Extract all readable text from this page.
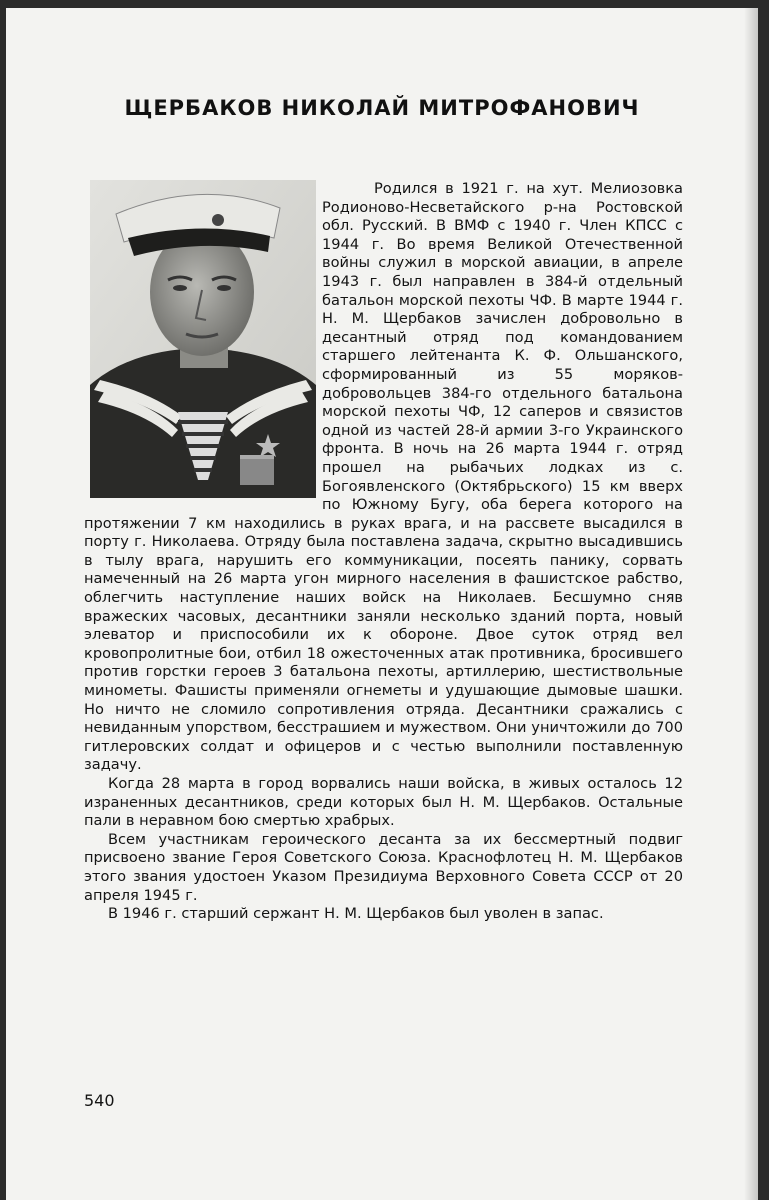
ЩЕРБАКОВ НИКОЛАЙ МИТРОФАНОВИЧ

Родился в 1921 г. на хут. Мелиозовка Родионово-Несветайского р-на Ростовской обл. Русский. В ВМФ с 1940 г. Член КПСС с 1944 г. Во время Великой Отечественной войны служил в морской авиации, в апреле 1943 г. был направлен в 384-й отдельный батальон морской пехоты ЧФ. В марте 1944 г. Н. М. Щербаков зачислен добровольно в десантный отряд под командованием старшего лейтенанта К. Ф. Ольшанского, сформированный из 55 моряков-добровольцев 384-го отдельного батальона морской пехоты ЧФ, 12 саперов и связистов одной из частей 28-й армии 3-го Украинского фронта. В ночь на 26 марта 1944 г. отряд прошел на рыбачьих лодках из с. Богоявленского (Октябрьского) 15 км вверх по Южному Бугу, оба берега которого на протяжении 7 км находились в руках врага, и на рассвете высадился в порту г. Николаева. Отряду была поставлена задача, скрытно высадившись в тылу врага, нарушить его коммуникации, посеять панику, сорвать намеченный на 26 марта угон мирного населения в фашистское рабство, облегчить наступление наших войск на Николаев. Бесшумно сняв вражеских часовых, десантники заняли несколько зданий порта, новый элеватор и приспособили их к обороне. Двое суток отряд вел кровопролитные бои, отбил 18 ожесточенных атак противника, бросившего против горстки героев 3 батальона пехоты, артиллерию, шестиствольные минометы. Фашисты применяли огнеметы и удушающие дымовые шашки. Но ничто не сломило сопротивления отряда. Десантники сражались с невиданным упорством, бесстрашием и мужеством. Они уничтожили до 700 гитлеровских солдат и офицеров и с честью выполнили поставленную задачу.

Когда 28 марта в город ворвались наши войска, в живых осталось 12 израненных десантников, среди которых был Н. М. Щербаков. Остальные пали в неравном бою смертью храбрых.

Всем участникам героического десанта за их бессмертный подвиг присвоено звание Героя Советского Союза. Краснофлотец Н. М. Щербаков этого звания удостоен Указом Президиума Верховного Совета СССР от 20 апреля 1945 г.

В 1946 г. старший сержант Н. М. Щербаков был уволен в запас.

540
